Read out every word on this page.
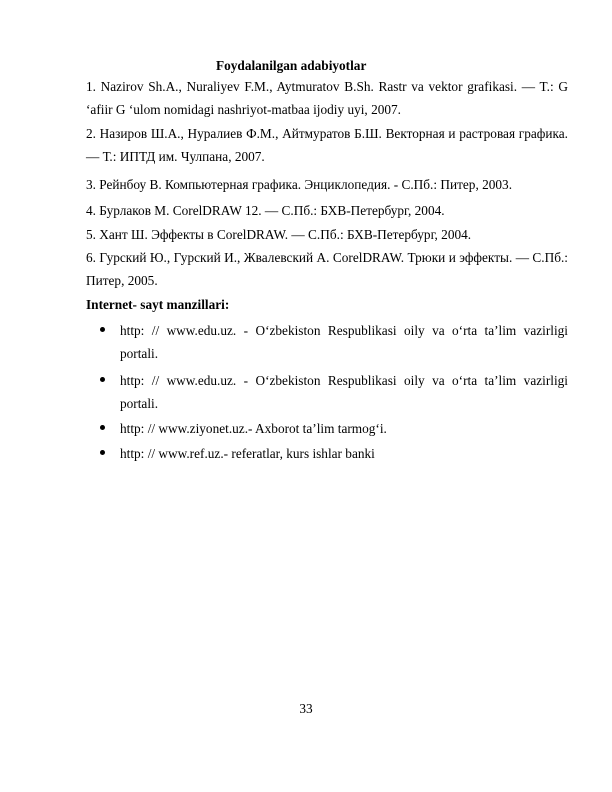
Foydalanilgan adabiyotlar
1. Nazirov Sh.A., Nuraliyev F.M., Aytmuratov B.Sh. Rastr va vektor grafikasi. — T.: G ‘afiir G ‘ulom nomidagi nashriyot-matbaa ijodiy uyi, 2007.
2. Назиров Ш.А., Нуралиев Ф.М., Айтмуратов Б.Ш. Векторная и растровая графика. — Т.: ИПТД им. Чулпана, 2007.
3. Рейнбоу В. Компьютерная графика. Энциклопедия. - С.Пб.: Питер, 2003.
4. Бурлаков М. CorelDRAW 12. — С.Пб.: БХВ-Петербург, 2004.
5. Хант Ш. Эффекты в CorelDRAW. — С.Пб.: БХВ-Петербург, 2004.
6. Гурский Ю., Гурский И., Жвалевский А. CorelDRAW. Трюки и эффекты. — С.Пб.: Питер, 2005.
Internet- sayt manzillari:
http: // www.edu.uz. - O‘zbekiston Respublikasi oily va o‘rta ta’lim vazirligi portali.
http: // www.edu.uz. - O‘zbekiston Respublikasi oily va o‘rta ta’lim vazirligi portali.
http: // www.ziyonet.uz.- Axborot ta’lim tarmog‘i.
http: // www.ref.uz.- referatlar, kurs ishlar banki
33
